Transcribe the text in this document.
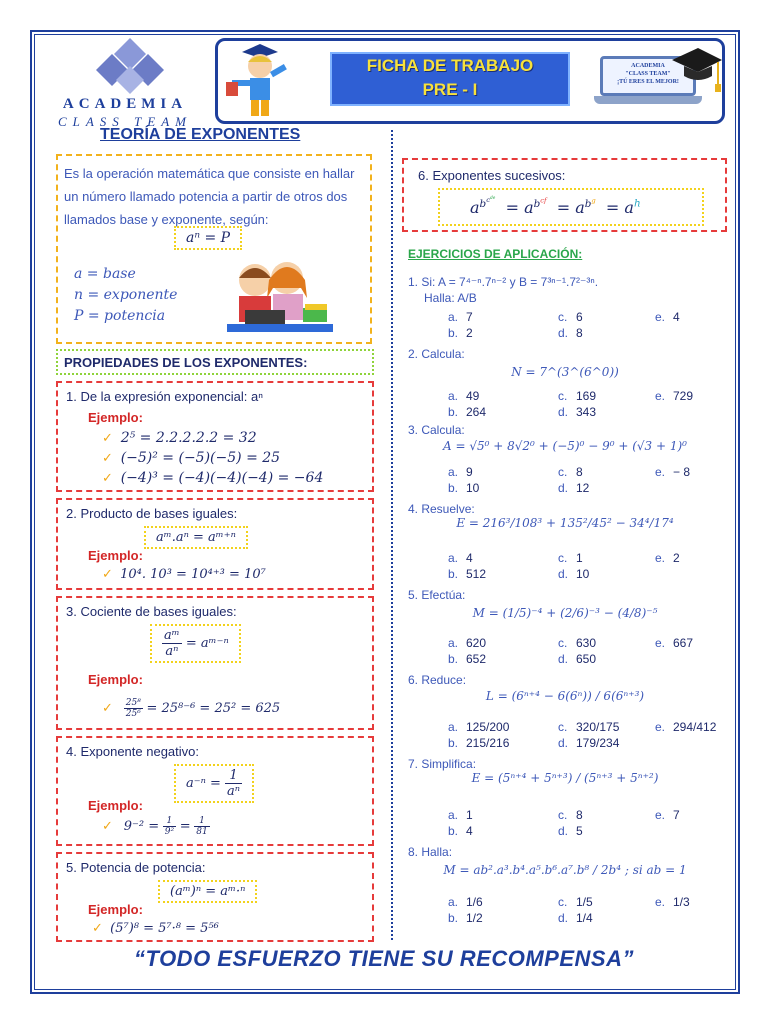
ACADEMIA
CLASS TEAM
FICHA DE TRABAJO
PRE - I
ACADEMIA
"CLASS TEAM"
¡TÚ ERES EL MEJOR!
TEORÍA DE EXPONENTES
Es la operación matemática que consiste en hallar un número llamado potencia a partir de otros dos llamados base y exponente, según:
aⁿ = P
a = base
n = exponente
P = potencia
PROPIEDADES DE LOS EXPONENTES:
1. De la expresión exponencial: aⁿ
Ejemplo:
✓ 2⁵ = 2.2.2.2.2 = 32
✓ (−5)² = (−5)(−5) = 25
✓ (−4)³ = (−4)(−4)(−4) = −64
2. Producto de bases iguales:
aᵐ.aⁿ = aᵐ⁺ⁿ
Ejemplo:
✓ 10⁴. 10³ = 10⁴⁺³ = 10⁷
3. Cociente de bases iguales:
$\frac{\text{aᵐ}}{\text{aⁿ}}$ = aᵐ⁻ⁿ
Ejemplo:
✓ $\frac{\text{25⁸}}{\text{25⁶}} = 25^{8-6} = 25^2 = 625$
4. Exponente negativo:
$a^{-n} = \frac{1}{\text{aⁿ}}$
Ejemplo:
✓ $9^{-2} = \frac{1}{\text{9²}} = \frac{1}{81}$
5. Potencia de potencia:
(aᵐ)ⁿ = aᵐ·ⁿ
Ejemplo:
✓ (5⁷)⁸ = 5⁷·⁸ = 5⁵⁶
6. Exponentes sucesivos:
$a^{b^{c^{de}}} = a^{b^{cf}} = a^{b^g} = a^h$
EJERCICIOS DE APLICACIÓN:
1. Si: A = 7⁴⁻ⁿ.7ⁿ⁻² y B = 7³ⁿ⁻¹.7²⁻³ⁿ.
Halla: A/B
a. 7	c. 6	e. 4
b. 2	d. 8
2. Calcula:
N = 7^(3^(6^0))
a. 49	c. 169	e. 729
b. 264	d. 343
3. Calcula:
A = √5⁰ + 8√2⁰ + (−5)⁰ − 9⁰ + (√3 + 1)⁰
a. 9	c. 8	e. − 8
b. 10	d. 12
4. Resuelve:
E = 216³/108³ + 135²/45² − 34⁴/17⁴
a. 4	c. 1	e. 2
b. 512	d. 10
5. Efectúa:
M = (1/5)⁻⁴ + (2/6)⁻³ − (4/8)⁻⁵
a. 620	c. 630	e. 667
b. 652	d. 650
6. Reduce:
L = (6ⁿ⁺⁴ − 6(6ⁿ)) / 6(6ⁿ⁺³)
a. 125/200	c. 320/175	e. 294/412
b. 215/216	d. 179/234
7. Simplifica:
E = (5ⁿ⁺⁴ + 5ⁿ⁺³) / (5ⁿ⁺³ + 5ⁿ⁺²)
a. 1	c. 8	e. 7
b. 4	d. 5
8. Halla:
M = ab².a³.b⁴.a⁵.b⁶.a⁷.b⁸ / 2b⁴ ; si ab = 1
a. 1/6	c. 1/5	e. 1/3
b. 1/2	d. 1/4
“TODO ESFUERZO TIENE SU RECOMPENSA”
